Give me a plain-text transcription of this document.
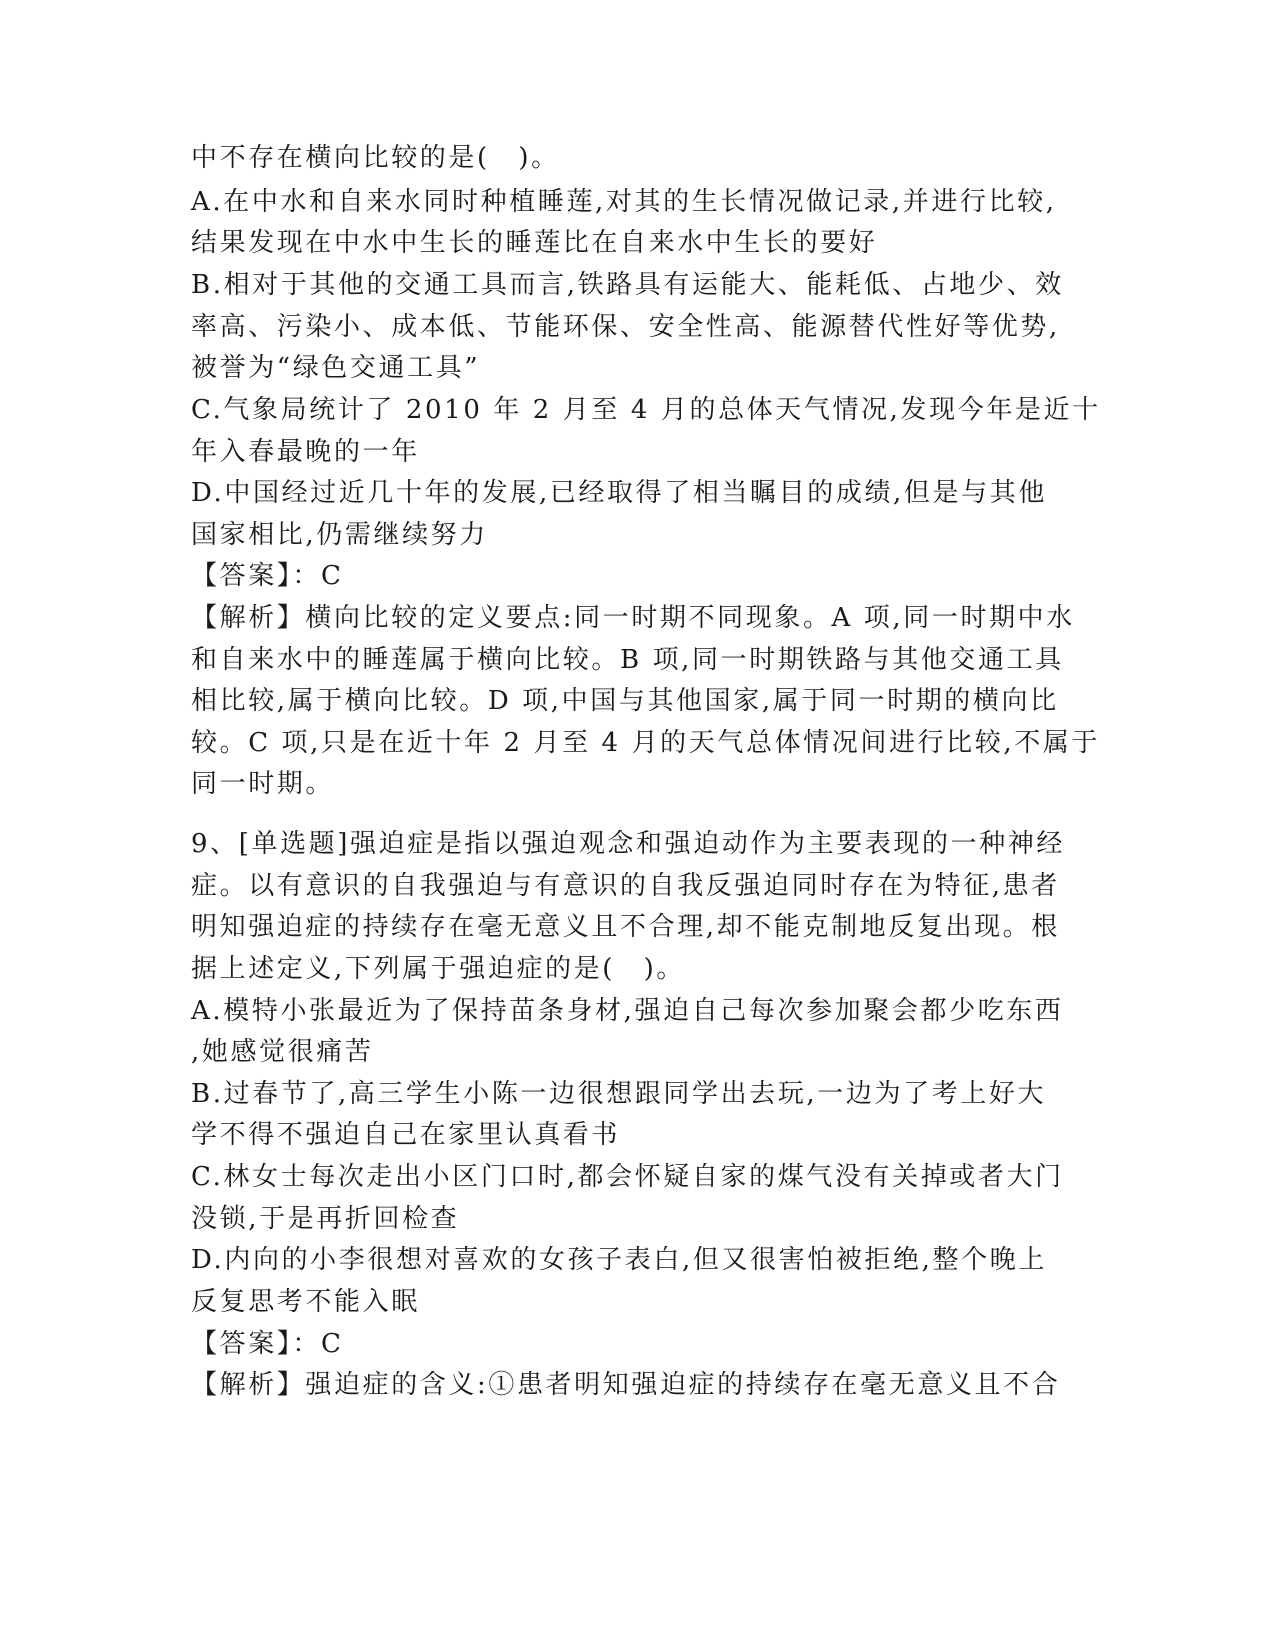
中不存在横向比较的是(　)。
A.在中水和自来水同时种植睡莲,对其的生长情况做记录,并进行比较,
结果发现在中水中生长的睡莲比在自来水中生长的要好
B.相对于其他的交通工具而言,铁路具有运能大、能耗低、占地少、效
率高、污染小、成本低、节能环保、安全性高、能源替代性好等优势,
被誉为“绿色交通工具”
C.气象局统计了 2010 年 2 月至 4 月的总体天气情况,发现今年是近十
年入春最晚的一年
D.中国经过近几十年的发展,已经取得了相当瞩目的成绩,但是与其他
国家相比,仍需继续努力
【答案】：C
【解析】横向比较的定义要点:同一时期不同现象。A 项,同一时期中水
和自来水中的睡莲属于横向比较。B 项,同一时期铁路与其他交通工具
相比较,属于横向比较。D 项,中国与其他国家,属于同一时期的横向比
较。C 项,只是在近十年 2 月至 4 月的天气总体情况间进行比较,不属于
同一时期。
9、[单选题]强迫症是指以强迫观念和强迫动作为主要表现的一种神经
症。以有意识的自我强迫与有意识的自我反强迫同时存在为特征,患者
明知强迫症的持续存在毫无意义且不合理,却不能克制地反复出现。根
据上述定义,下列属于强迫症的是(　)。
A.模特小张最近为了保持苗条身材,强迫自己每次参加聚会都少吃东西
,她感觉很痛苦
B.过春节了,高三学生小陈一边很想跟同学出去玩,一边为了考上好大
学不得不强迫自己在家里认真看书
C.林女士每次走出小区门口时,都会怀疑自家的煤气没有关掉或者大门
没锁,于是再折回检查
D.内向的小李很想对喜欢的女孩子表白,但又很害怕被拒绝,整个晚上
反复思考不能入眠
【答案】：C
【解析】强迫症的含义:①患者明知强迫症的持续存在毫无意义且不合
